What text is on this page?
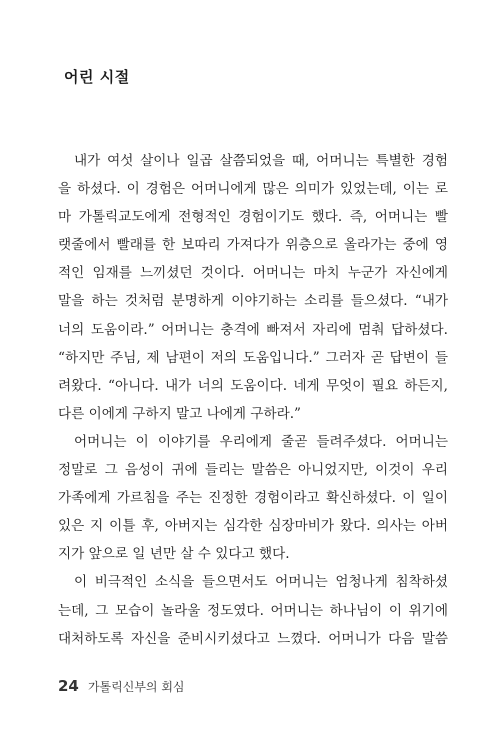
어린 시절
내가 여섯 살이나 일곱 살쯤되었을 때, 어머니는 특별한 경험
을 하셨다. 이 경험은 어머니에게 많은 의미가 있었는데, 이는 로
마 가톨릭교도에게 전형적인 경험이기도 했다. 즉, 어머니는 빨
랫줄에서 빨래를 한 보따리 가져다가 위층으로 올라가는 중에 영
적인 임재를 느끼셨던 것이다. 어머니는 마치 누군가 자신에게
말을 하는 것처럼 분명하게 이야기하는 소리를 들으셨다. “내가
너의 도움이라.” 어머니는 충격에 빠져서 자리에 멈춰 답하셨다.
“하지만 주님, 제 남편이 저의 도움입니다.” 그러자 곧 답변이 들
려왔다. “아니다. 내가 너의 도움이다. 네게 무엇이 필요 하든지,
다른 이에게 구하지 말고 나에게 구하라.”
어머니는 이 이야기를 우리에게 줄곧 들려주셨다. 어머니는
정말로 그 음성이 귀에 들리는 말씀은 아니었지만, 이것이 우리
가족에게 가르침을 주는 진정한 경험이라고 확신하셨다. 이 일이
있은 지 이틀 후, 아버지는 심각한 심장마비가 왔다. 의사는 아버
지가 앞으로 일 년만 살 수 있다고 했다.
이 비극적인 소식을 들으면서도 어머니는 엄청나게 침착하셨
는데, 그 모습이 놀라울 정도였다. 어머니는 하나님이 이 위기에
대처하도록 자신을 준비시키셨다고 느꼈다. 어머니가 다음 말씀
24 가톨릭신부의 회심
